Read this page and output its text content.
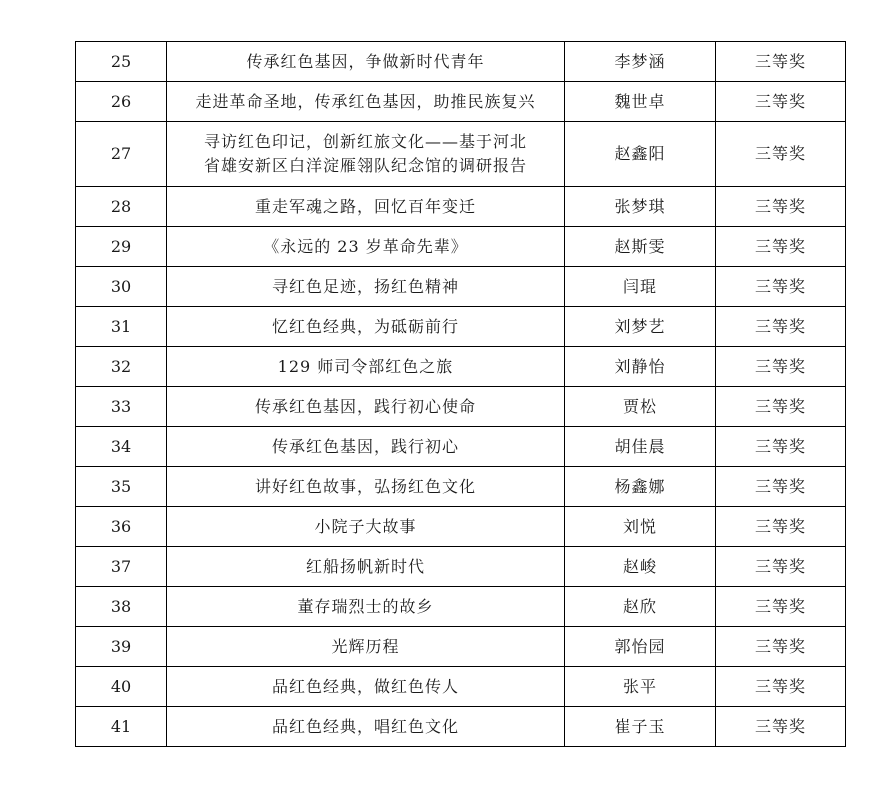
25	传承红色基因，争做新时代青年	李梦涵	三等奖
26	走进革命圣地，传承红色基因，助推民族复兴	魏世卓	三等奖
27	寻访红色印记，创新红旅文化——基于河北
省雄安新区白洋淀雁翎队纪念馆的调研报告	赵鑫阳	三等奖
28	重走军魂之路，回忆百年变迁	张梦琪	三等奖
29	《永远的 23 岁革命先辈》	赵斯雯	三等奖
30	寻红色足迹，扬红色精神	闫琨	三等奖
31	忆红色经典，为砥砺前行	刘梦艺	三等奖
32	129 师司令部红色之旅	刘静怡	三等奖
33	传承红色基因，践行初心使命	贾松	三等奖
34	传承红色基因，践行初心	胡佳晨	三等奖
35	讲好红色故事，弘扬红色文化	杨鑫娜	三等奖
36	小院子大故事	刘悦	三等奖
37	红船扬帆新时代	赵峻	三等奖
38	董存瑞烈士的故乡	赵欣	三等奖
39	光辉历程	郭怡园	三等奖
40	品红色经典，做红色传人	张平	三等奖
41	品红色经典，唱红色文化	崔子玉	三等奖
